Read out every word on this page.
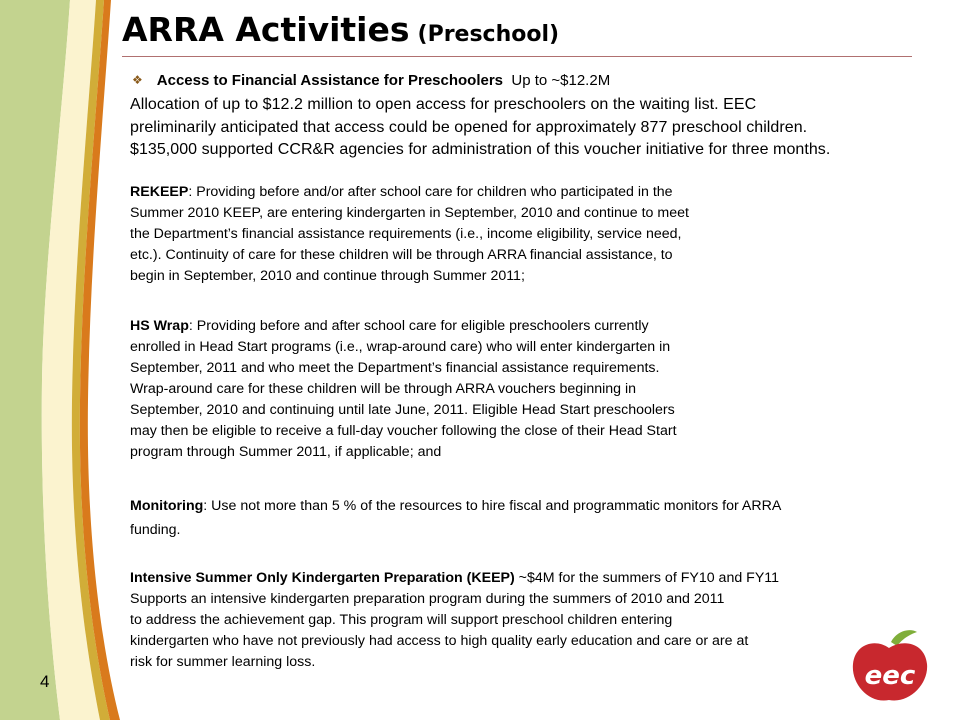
ARRA Activities (Preschool)
❖ Access to Financial Assistance for Preschoolers Up to ~$12.2M
Allocation of up to $12.2 million to open access for preschoolers on the waiting list. EEC
preliminarily anticipated that access could be opened for approximately 877 preschool children.
$135,000 supported CCR&R agencies for administration of this voucher initiative for three months.
REKEEP: Providing before and/or after school care for children who participated in the
Summer 2010 KEEP, are entering kindergarten in September, 2010 and continue to meet
the Department’s financial assistance requirements (i.e., income eligibility, service need,
etc.). Continuity of care for these children will be through ARRA financial assistance, to
begin in September, 2010 and continue through Summer 2011;
HS Wrap: Providing before and after school care for eligible preschoolers currently
enrolled in Head Start programs (i.e., wrap-around care) who will enter kindergarten in
September, 2011 and who meet the Department’s financial assistance requirements.
Wrap-around care for these children will be through ARRA vouchers beginning in
September, 2010 and continuing until late June, 2011. Eligible Head Start preschoolers
may then be eligible to receive a full-day voucher following the close of their Head Start
program through Summer 2011, if applicable; and
Monitoring: Use not more than 5 % of the resources to hire fiscal and programmatic monitors for ARRA
funding.
Intensive Summer Only Kindergarten Preparation (KEEP) ~$4M for the summers of FY10 and FY11
Supports an intensive kindergarten preparation program during the summers of 2010 and 2011
to address the achievement gap. This program will support preschool children entering
kindergarten who have not previously had access to high quality early education and care or are at
risk for summer learning loss.
4	eec
